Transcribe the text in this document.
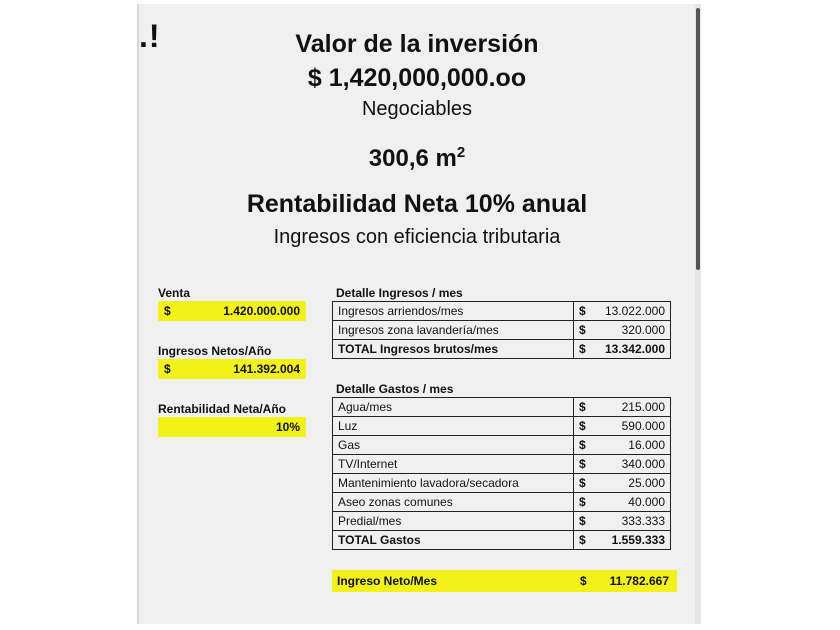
.!	Valor de la inversión
$ 1,420,000,000.oo
Negociables
300,6 $m^2$
Rentabilidad Neta 10% anual
Ingresos con eficiencia tributaria
Venta
$	1.420.000.000
Ingresos Netos/Año
$	141.392.004
Rentabilidad Neta/Año
10%
Detalle Ingresos / mes
Ingresos arriendos/mes	$ 13.022.000

Ingresos zona lavandería/mes	$ 320.000

TOTAL Ingresos brutos/mes	$ 13.342.000
Detalle Gastos / mes
Agua/mes	$ 215.000

Luz	$ 590.000

Gas	$ 16.000

TV/Internet	$ 340.000

Mantenimiento lavadora/secadora	$ 25.000

Aseo zonas comunes	$ 40.000

Predial/mes	$ 333.333

TOTAL Gastos	$ 1.559.333
Ingreso Neto/Mes	$ 11.782.667
